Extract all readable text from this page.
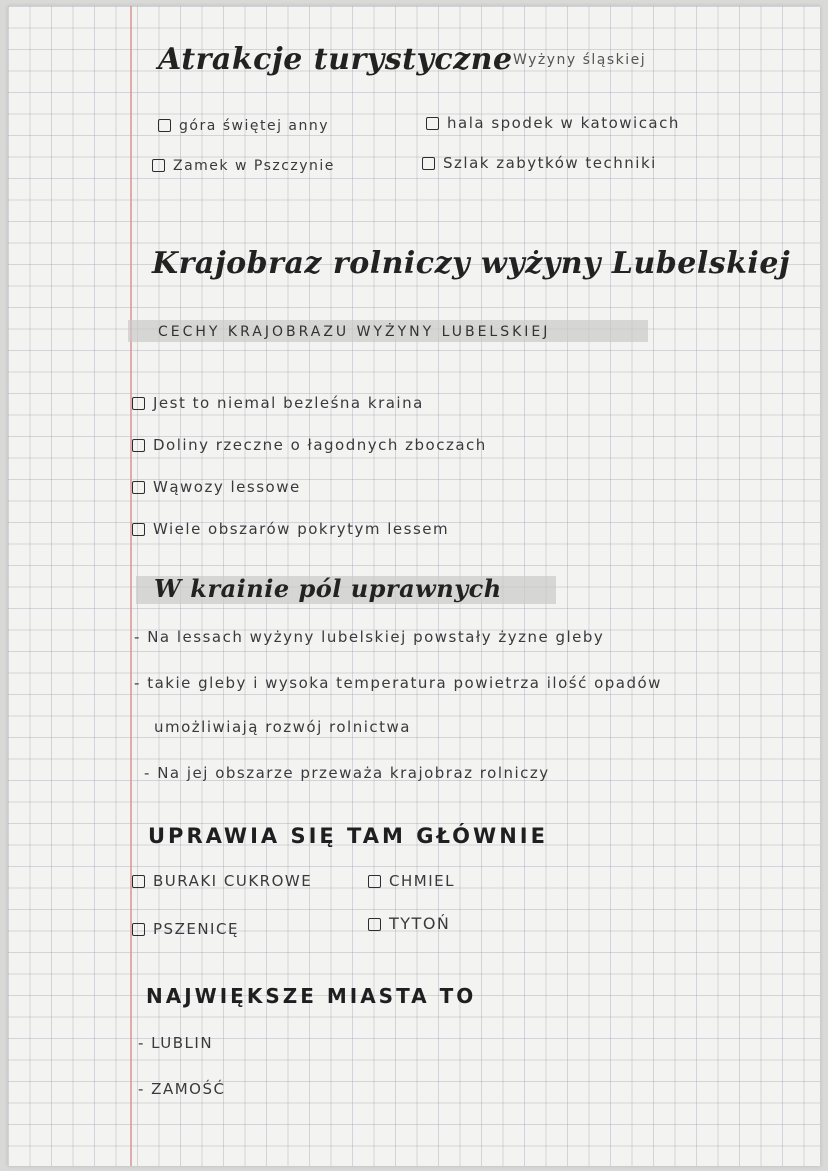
Atrakcje turystyczne Wyżyny śląskiej
góra świętej anny	hala spodek w katowicach
Zamek w Pszczynie	Szlak zabytków techniki
Krajobraz rolniczy wyżyny Lubelskiej
CECHY KRAJOBRAZU WYŻYNY LUBELSKIEJ
Jest to niemal bezleśna kraina
Doliny rzeczne o łagodnych zboczach
Wąwozy lessowe
Wiele obszarów pokrytym lessem
W krainie pól uprawnych
- Na lessach wyżyny lubelskiej powstały żyzne gleby
- takie gleby i wysoka temperatura powietrza ilość opadów
umożliwiają rozwój rolnictwa
- Na jej obszarze przeważa krajobraz rolniczy
UPRAWIA SIĘ TAM GŁÓWNIE
BURAKI CUKROWE	CHMIEL
PSZENICĘ	TYTOŃ
NAJWIĘKSZE MIASTA TO
- LUBLIN
- ZAMOŚĆ
